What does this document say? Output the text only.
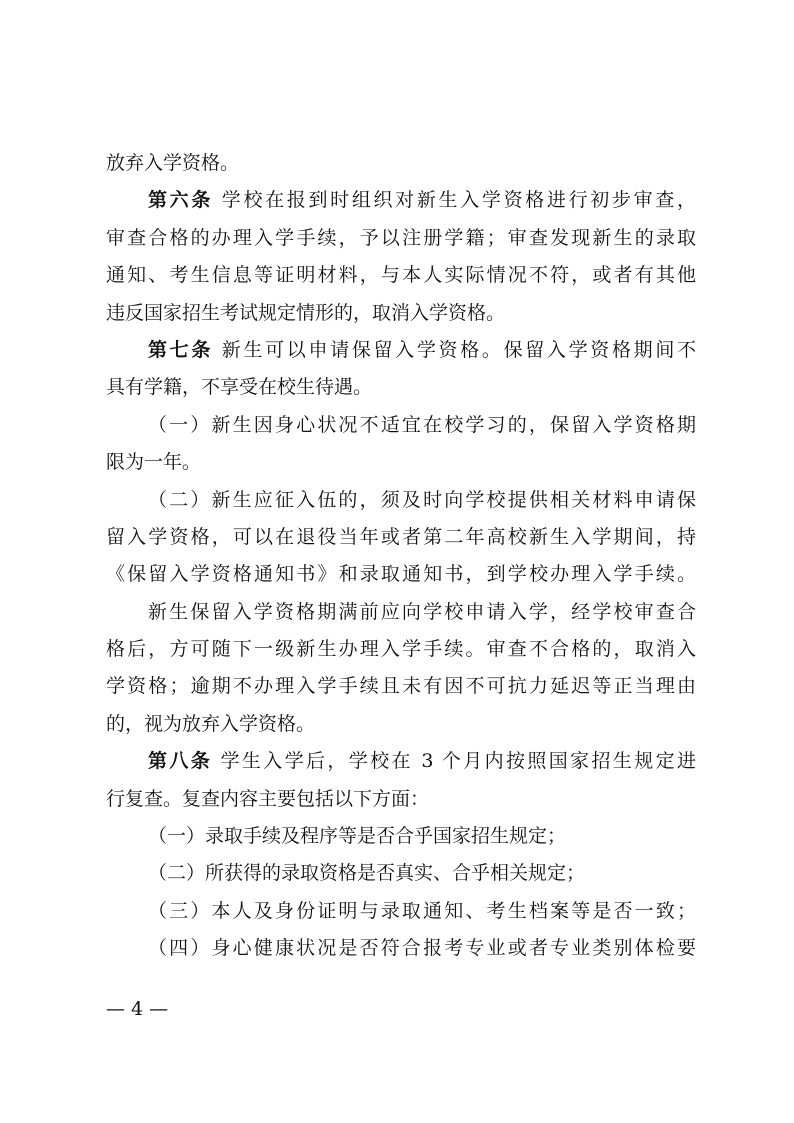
放弃入学资格。
第六条 学校在报到时组织对新生入学资格进行初步审查，
审查合格的办理入学手续，予以注册学籍；审查发现新生的录取
通知、考生信息等证明材料，与本人实际情况不符，或者有其他
违反国家招生考试规定情形的，取消入学资格。
第七条 新生可以申请保留入学资格。保留入学资格期间不
具有学籍，不享受在校生待遇。
（一）新生因身心状况不适宜在校学习的，保留入学资格期
限为一年。
（二）新生应征入伍的，须及时向学校提供相关材料申请保
留入学资格，可以在退役当年或者第二年高校新生入学期间，持
《保留入学资格通知书》和录取通知书，到学校办理入学手续。
新生保留入学资格期满前应向学校申请入学，经学校审查合
格后，方可随下一级新生办理入学手续。审查不合格的，取消入
学资格；逾期不办理入学手续且未有因不可抗力延迟等正当理由
的，视为放弃入学资格。
第八条 学生入学后，学校在 3 个月内按照国家招生规定进
行复查。复查内容主要包括以下方面：
（一）录取手续及程序等是否合乎国家招生规定；
（二）所获得的录取资格是否真实、合乎相关规定；
（三）本人及身份证明与录取通知、考生档案等是否一致；
（四）身心健康状况是否符合报考专业或者专业类别体检要
— 4 —
